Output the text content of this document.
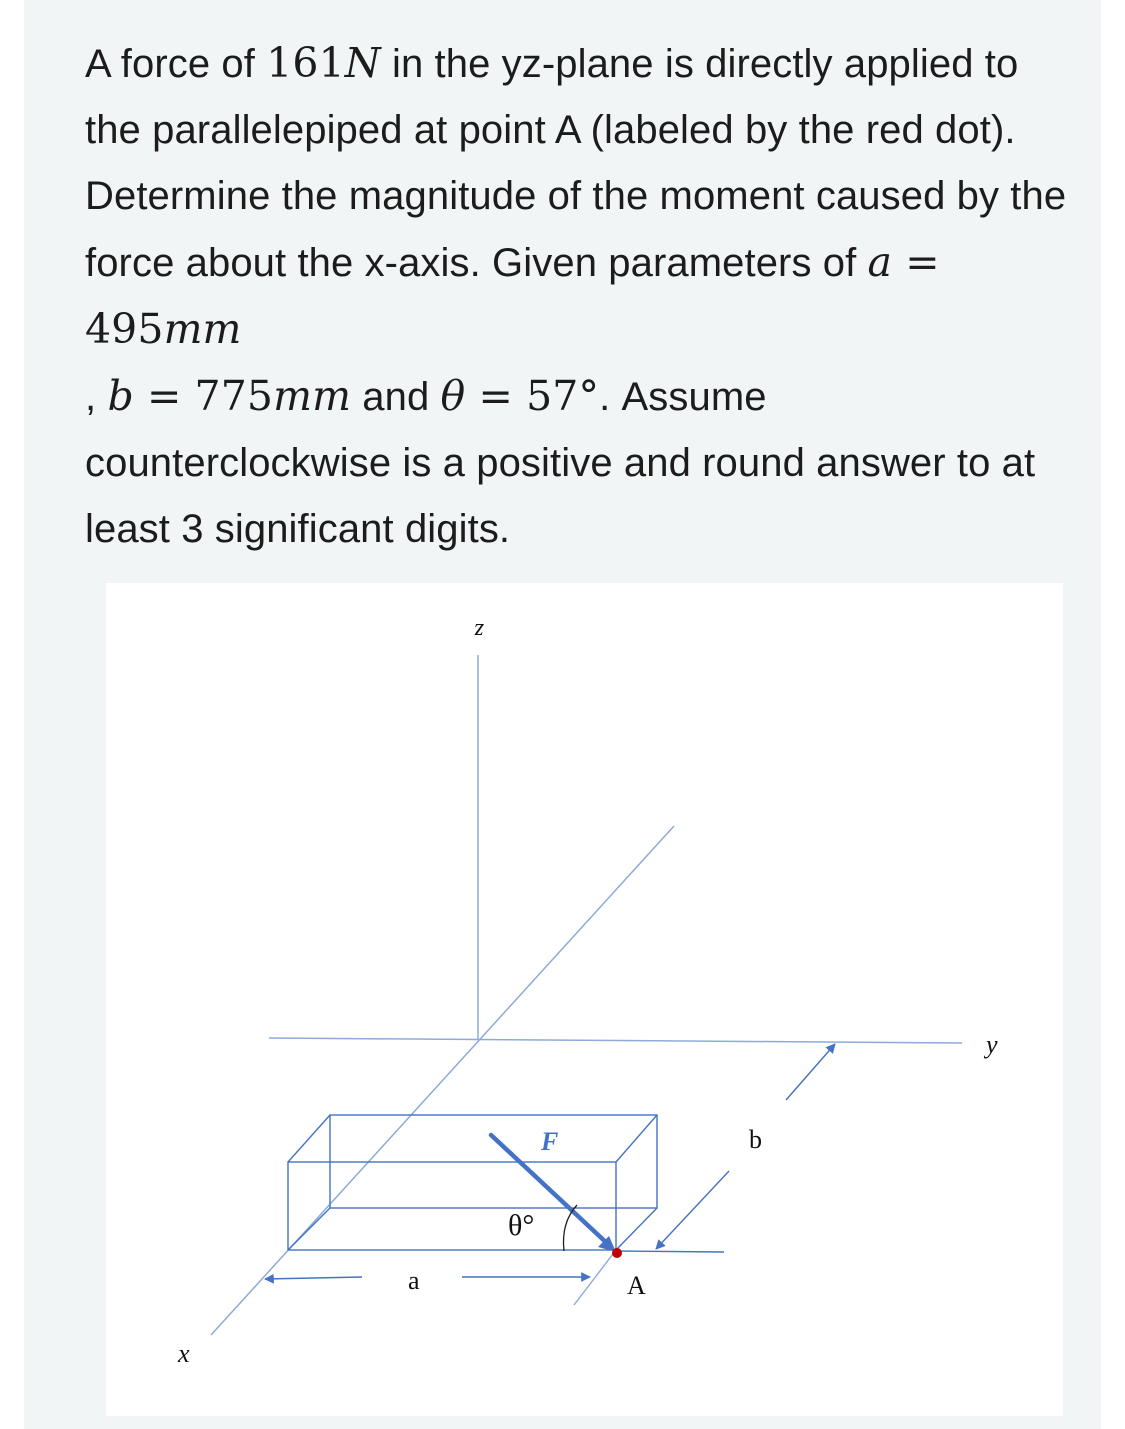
A force of 161N in the yz-plane is directly applied to the parallelepiped at point A (labeled by the red dot). Determine the magnitude of the moment caused by the force about the x-axis. Given parameters of a = 495mm
, b = 775mm and θ = 57°. Assume counterclockwise is a positive and round answer to at least 3 significant digits.
z
y
x
F
a
b
A
θ°
